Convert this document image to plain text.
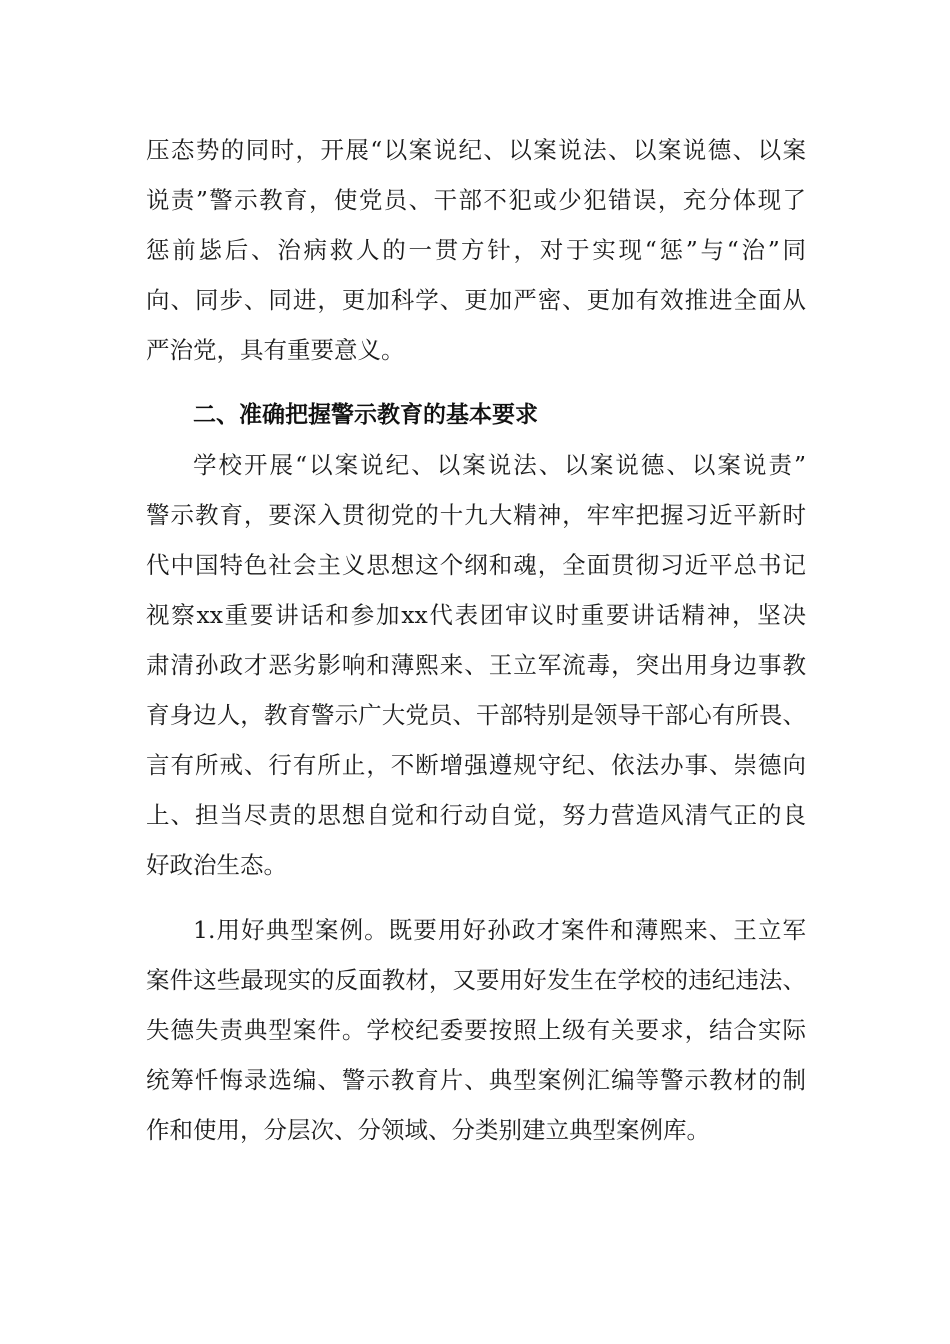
压态势的同时，开展“以案说纪、以案说法、以案说德、以案
说责”警示教育，使党员、干部不犯或少犯错误，充分体现了
惩前毖后、治病救人的一贯方针，对于实现“惩”与“治”同
向、同步、同进，更加科学、更加严密、更加有效推进全面从
严治党，具有重要意义。
二、准确把握警示教育的基本要求
学校开展“以案说纪、以案说法、以案说德、以案说责”
警示教育，要深入贯彻党的十九大精神，牢牢把握习近平新时
代中国特色社会主义思想这个纲和魂，全面贯彻习近平总书记
视察xx重要讲话和参加xx代表团审议时重要讲话精神，坚决
肃清孙政才恶劣影响和薄熙来、王立军流毒，突出用身边事教
育身边人，教育警示广大党员、干部特别是领导干部心有所畏、
言有所戒、行有所止，不断增强遵规守纪、依法办事、崇德向
上、担当尽责的思想自觉和行动自觉，努力营造风清气正的良
好政治生态。
1.用好典型案例。既要用好孙政才案件和薄熙来、王立军
案件这些最现实的反面教材，又要用好发生在学校的违纪违法、
失德失责典型案件。学校纪委要按照上级有关要求，结合实际
统筹忏悔录选编、警示教育片、典型案例汇编等警示教材的制
作和使用，分层次、分领域、分类别建立典型案例库。
